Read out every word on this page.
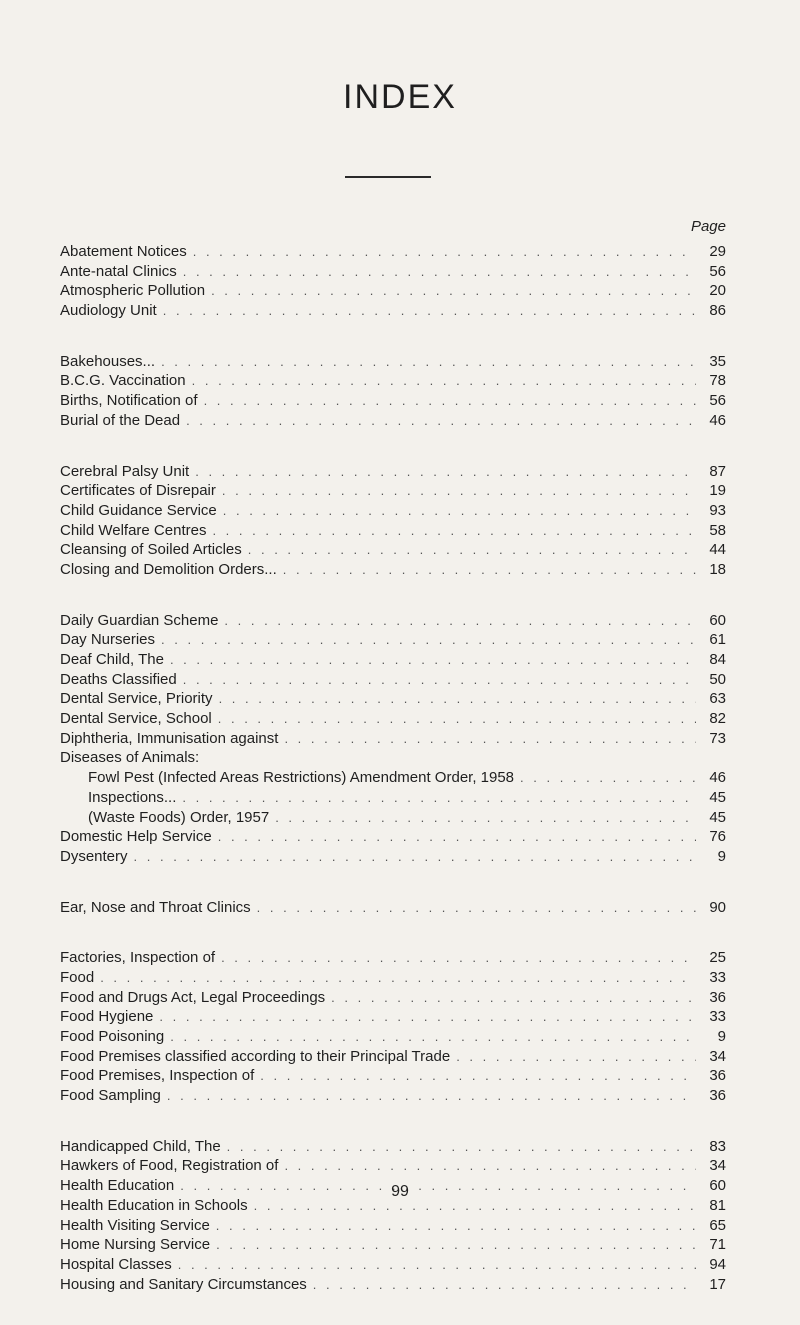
INDEX
Page
Abatement Notices . . .	29
Ante-natal Clinics . . .	56
Atmospheric Pollution . . .	20
Audiology Unit . . .	86
Bakehouses... . . .	35
B.C.G. Vaccination . . .	78
Births, Notification of . . .	56
Burial of the Dead . . .	46
Cerebral Palsy Unit . . .	87
Certificates of Disrepair . . .	19
Child Guidance Service . . .	93
Child Welfare Centres . . .	58
Cleansing of Soiled Articles . . .	44
Closing and Demolition Orders... . . .	18
Daily Guardian Scheme . . .	60
Day Nurseries . . .	61
Deaf Child, The . . .	84
Deaths Classified . . .	50
Dental Service, Priority . . .	63
Dental Service, School . . .	82
Diphtheria, Immunisation against . . .	73
Diseases of Animals:
Fowl Pest (Infected Areas Restrictions) Amendment Order, 1958 . . .	46
Inspections... . . .	45
(Waste Foods) Order, 1957 . . .	45
Domestic Help Service . . .	76
Dysentery . . .	9
Ear, Nose and Throat Clinics . . .	90
Factories, Inspection of . . .	25
Food . . .	33
Food and Drugs Act, Legal Proceedings . . .	36
Food Hygiene . . .	33
Food Poisoning . . .	9
Food Premises classified according to their Principal Trade . . .	34
Food Premises, Inspection of . . .	36
Food Sampling . . .	36
Handicapped Child, The . . .	83
Hawkers of Food, Registration of . . .	34
Health Education . . .	60
Health Education in Schools . . .	81
Health Visiting Service . . .	65
Home Nursing Service . . .	71
Hospital Classes . . .	94
Housing and Sanitary Circumstances . . .	17
99
